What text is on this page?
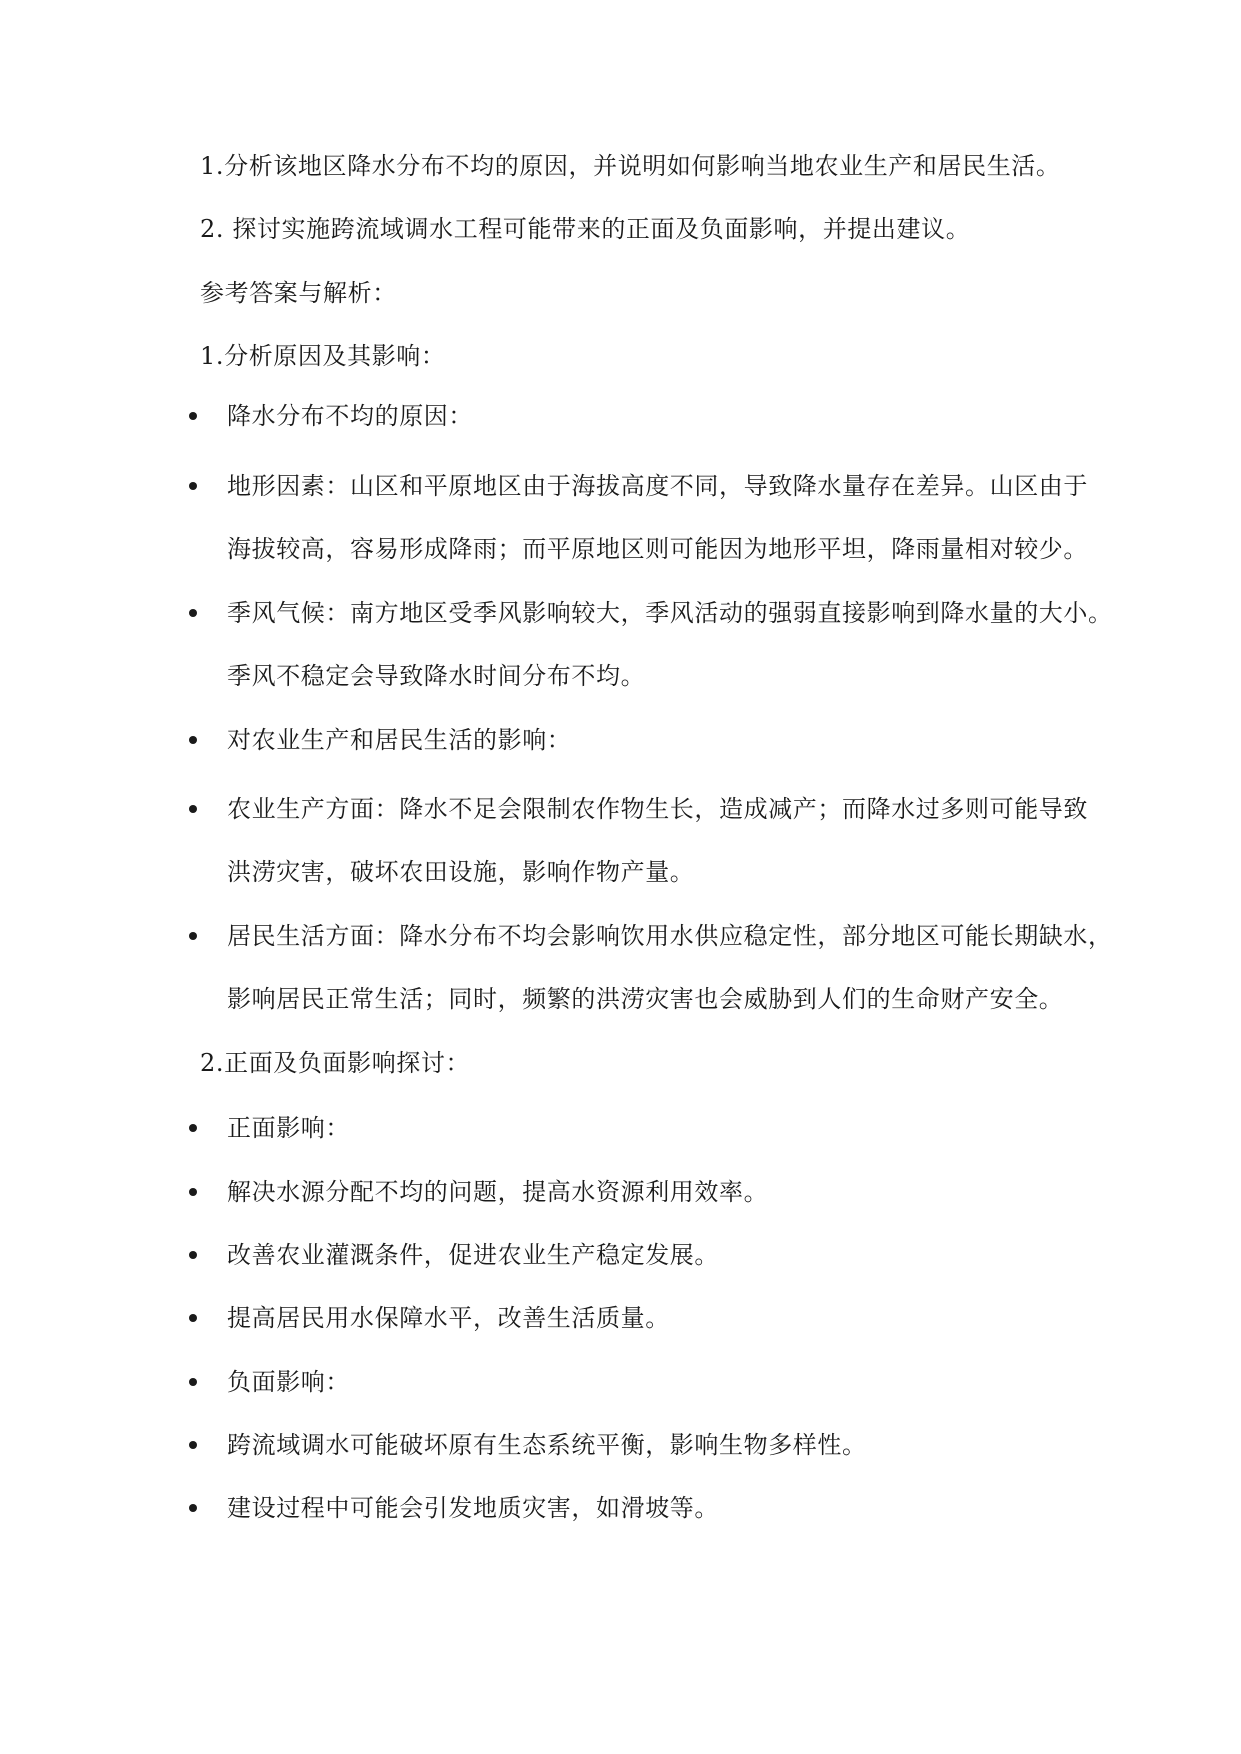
1.分析该地区降水分布不均的原因，并说明如何影响当地农业生产和居民生活。
2. 探讨实施跨流域调水工程可能带来的正面及负面影响，并提出建议。
参考答案与解析：
1.分析原因及其影响：
降水分布不均的原因：
地形因素：山区和平原地区由于海拔高度不同，导致降水量存在差异。山区由于
海拔较高，容易形成降雨；而平原地区则可能因为地形平坦，降雨量相对较少。
季风气候：南方地区受季风影响较大，季风活动的强弱直接影响到降水量的大小。
季风不稳定会导致降水时间分布不均。
对农业生产和居民生活的影响：
农业生产方面：降水不足会限制农作物生长，造成减产；而降水过多则可能导致
洪涝灾害，破坏农田设施，影响作物产量。
居民生活方面：降水分布不均会影响饮用水供应稳定性，部分地区可能长期缺水，
影响居民正常生活；同时，频繁的洪涝灾害也会威胁到人们的生命财产安全。
2.正面及负面影响探讨：
正面影响：
解决水源分配不均的问题，提高水资源利用效率。
改善农业灌溉条件，促进农业生产稳定发展。
提高居民用水保障水平，改善生活质量。
负面影响：
跨流域调水可能破坏原有生态系统平衡，影响生物多样性。
建设过程中可能会引发地质灾害，如滑坡等。
